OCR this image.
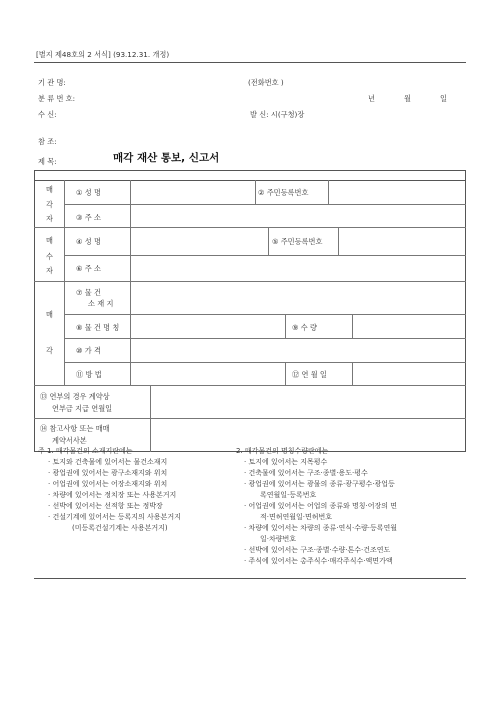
[별지 제48호의 2 서식] (93.12.31. 개정)
기 관 명:	(전화번호 )
분 류 번 호:	년	월	일
수 신:	발 신: 시(구청)장
참 조:
제 목:	매각 재산 통보, 신고서
매
각
자
① 성 명	② 주민등록번호
③ 주 소
매
수
자
④ 성 명	⑤ 주민등록번호
⑥ 주 소
매
각
⑦ 물 건
소 재 지
⑧ 물 건 명 칭	⑨ 수 량
⑩ 가 격
⑪ 방 법	⑫ 연 월 일
⑬ 연부의 경우 계약상
연부금 지급 연월일
⑭ 참고사항 또는 매매
계약서사본
주 1. 매각물건의 소재지란에는
· 토지와 건축물에 있어서는 물건소재지
· 광업권에 있어서는 광구소재지와 위치
· 어업권에 있어서는 어장소재지와 위치
· 차량에 있어서는 정치장 또는 사용본거지
· 선박에 있어서는 선적항 또는 정박장
· 건설기계에 있어서는 등록지의 사용본거지
(미등록건설기계는 사용본거지)
2. 매각물건의 명칭수량란에는
· 토지에 있어서는 지목평수
· 건축물에 있어서는 구조·종별·용도·평수
· 광업권에 있어서는 광물의 종류·광구평수·광업등
록연월일·등록번호
· 어업권에 있어서는 어업의 종류와 명칭·어장의 면
적·면허연월일·면허번호
· 차량에 있어서는 차량의 종류·연식·수량·등록연월
일·차량번호
· 선박에 있어서는 구조·종별·수량·톤수·건조연도
· 주식에 있어서는 총주식수·매각주식수·액면가액
